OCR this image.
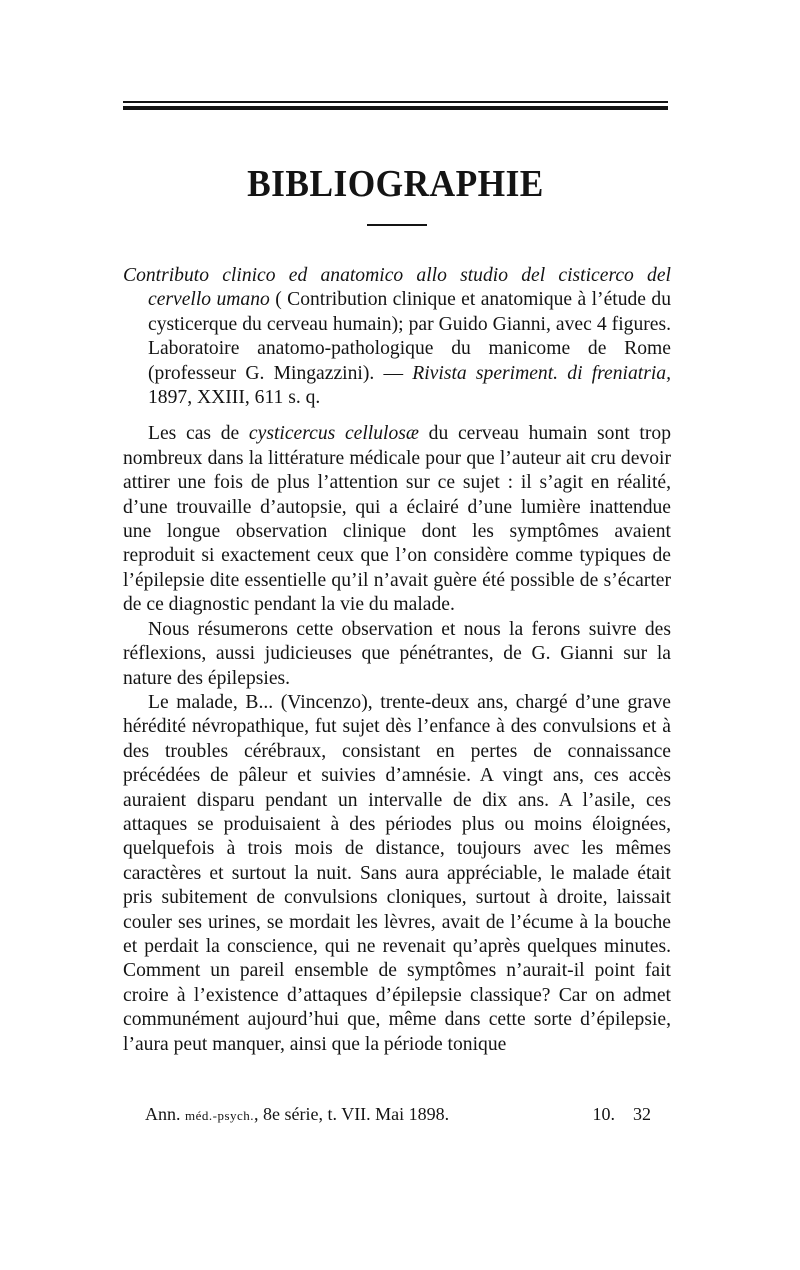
BIBLIOGRAPHIE

Contributo clinico ed anatomico allo studio del cisticerco del cervello umano ( Contribution clinique et anatomique à l’étude du cysticerque du cerveau humain); par Guido Gianni, avec 4 figures. Laboratoire anatomo-pathologique du manicome de Rome (professeur G. Mingazzini). — Rivista speriment. di freniatria, 1897, XXIII, 611 s. q.

Les cas de cysticercus cellulosæ du cerveau humain sont trop nombreux dans la littérature médicale pour que l’auteur ait cru devoir attirer une fois de plus l’attention sur ce sujet : il s’agit en réalité, d’une trouvaille d’autopsie, qui a éclairé d’une lumière inattendue une longue observation clinique dont les symptômes avaient reproduit si exactement ceux que l’on considère comme typiques de l’épilepsie dite essentielle qu’il n’avait guère été possible de s’écarter de ce diagnostic pendant la vie du malade.

Nous résumerons cette observation et nous la ferons suivre des réflexions, aussi judicieuses que pénétrantes, de G. Gianni sur la nature des épilepsies.

Le malade, B... (Vincenzo), trente-deux ans, chargé d’une grave hérédité névropathique, fut sujet dès l’enfance à des convulsions et à des troubles cérébraux, consistant en pertes de connaissance précédées de pâleur et suivies d’amnésie. A vingt ans, ces accès auraient disparu pendant un intervalle de dix ans. A l’asile, ces attaques se produisaient à des périodes plus ou moins éloignées, quelquefois à trois mois de distance, toujours avec les mêmes caractères et surtout la nuit. Sans aura appréciable, le malade était pris subitement de convulsions cloniques, surtout à droite, laissait couler ses urines, se mordait les lèvres, avait de l’écume à la bouche et perdait la conscience, qui ne revenait qu’après quelques minutes. Comment un pareil ensemble de symptômes n’aurait-il point fait croire à l’existence d’attaques d’épilepsie classique? Car on admet communément aujourd’hui que, même dans cette sorte d’épilepsie, l’aura peut manquer, ainsi que la période tonique

Ann. méd.-psych., 8e série, t. VII. Mai 1898.	10. 32
